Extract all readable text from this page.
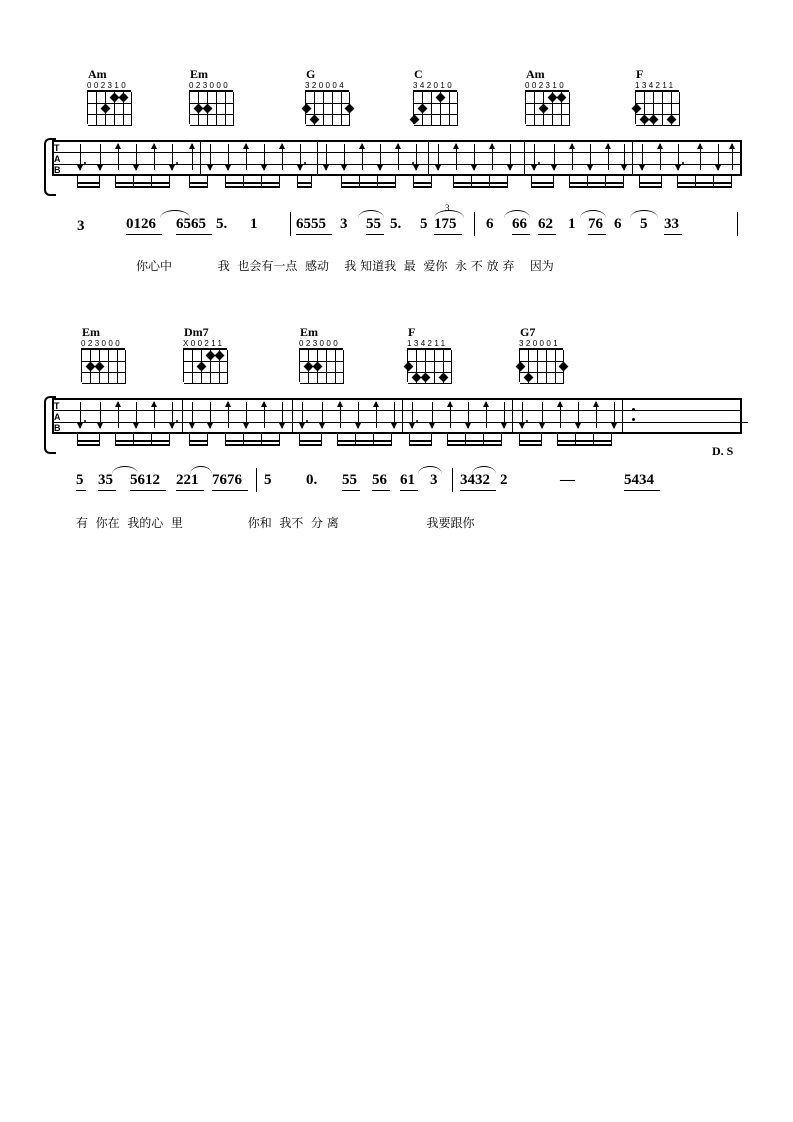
Am
002310
Em
023000
G
320004
C
342010
Am
002310
F
134211
T
A
B
3	0126 6565 5. 1	6555 3 55 5. 5
3
175 6 66 62 1 76 6 5 33
你心中            我  也会有一点  感动    我 知道我  最  爱你  永 不 放 弃    因为
Em
023000
Dm7
X00211
Em
023000
F
134211
G7
320001
T
A
B	—
D. S
5 35 5612 221 7676 5 0. 55 56 61 3 3432 2	—	5434
有  你在  我的心  里                 你和  我不  分 离                       我要跟你
